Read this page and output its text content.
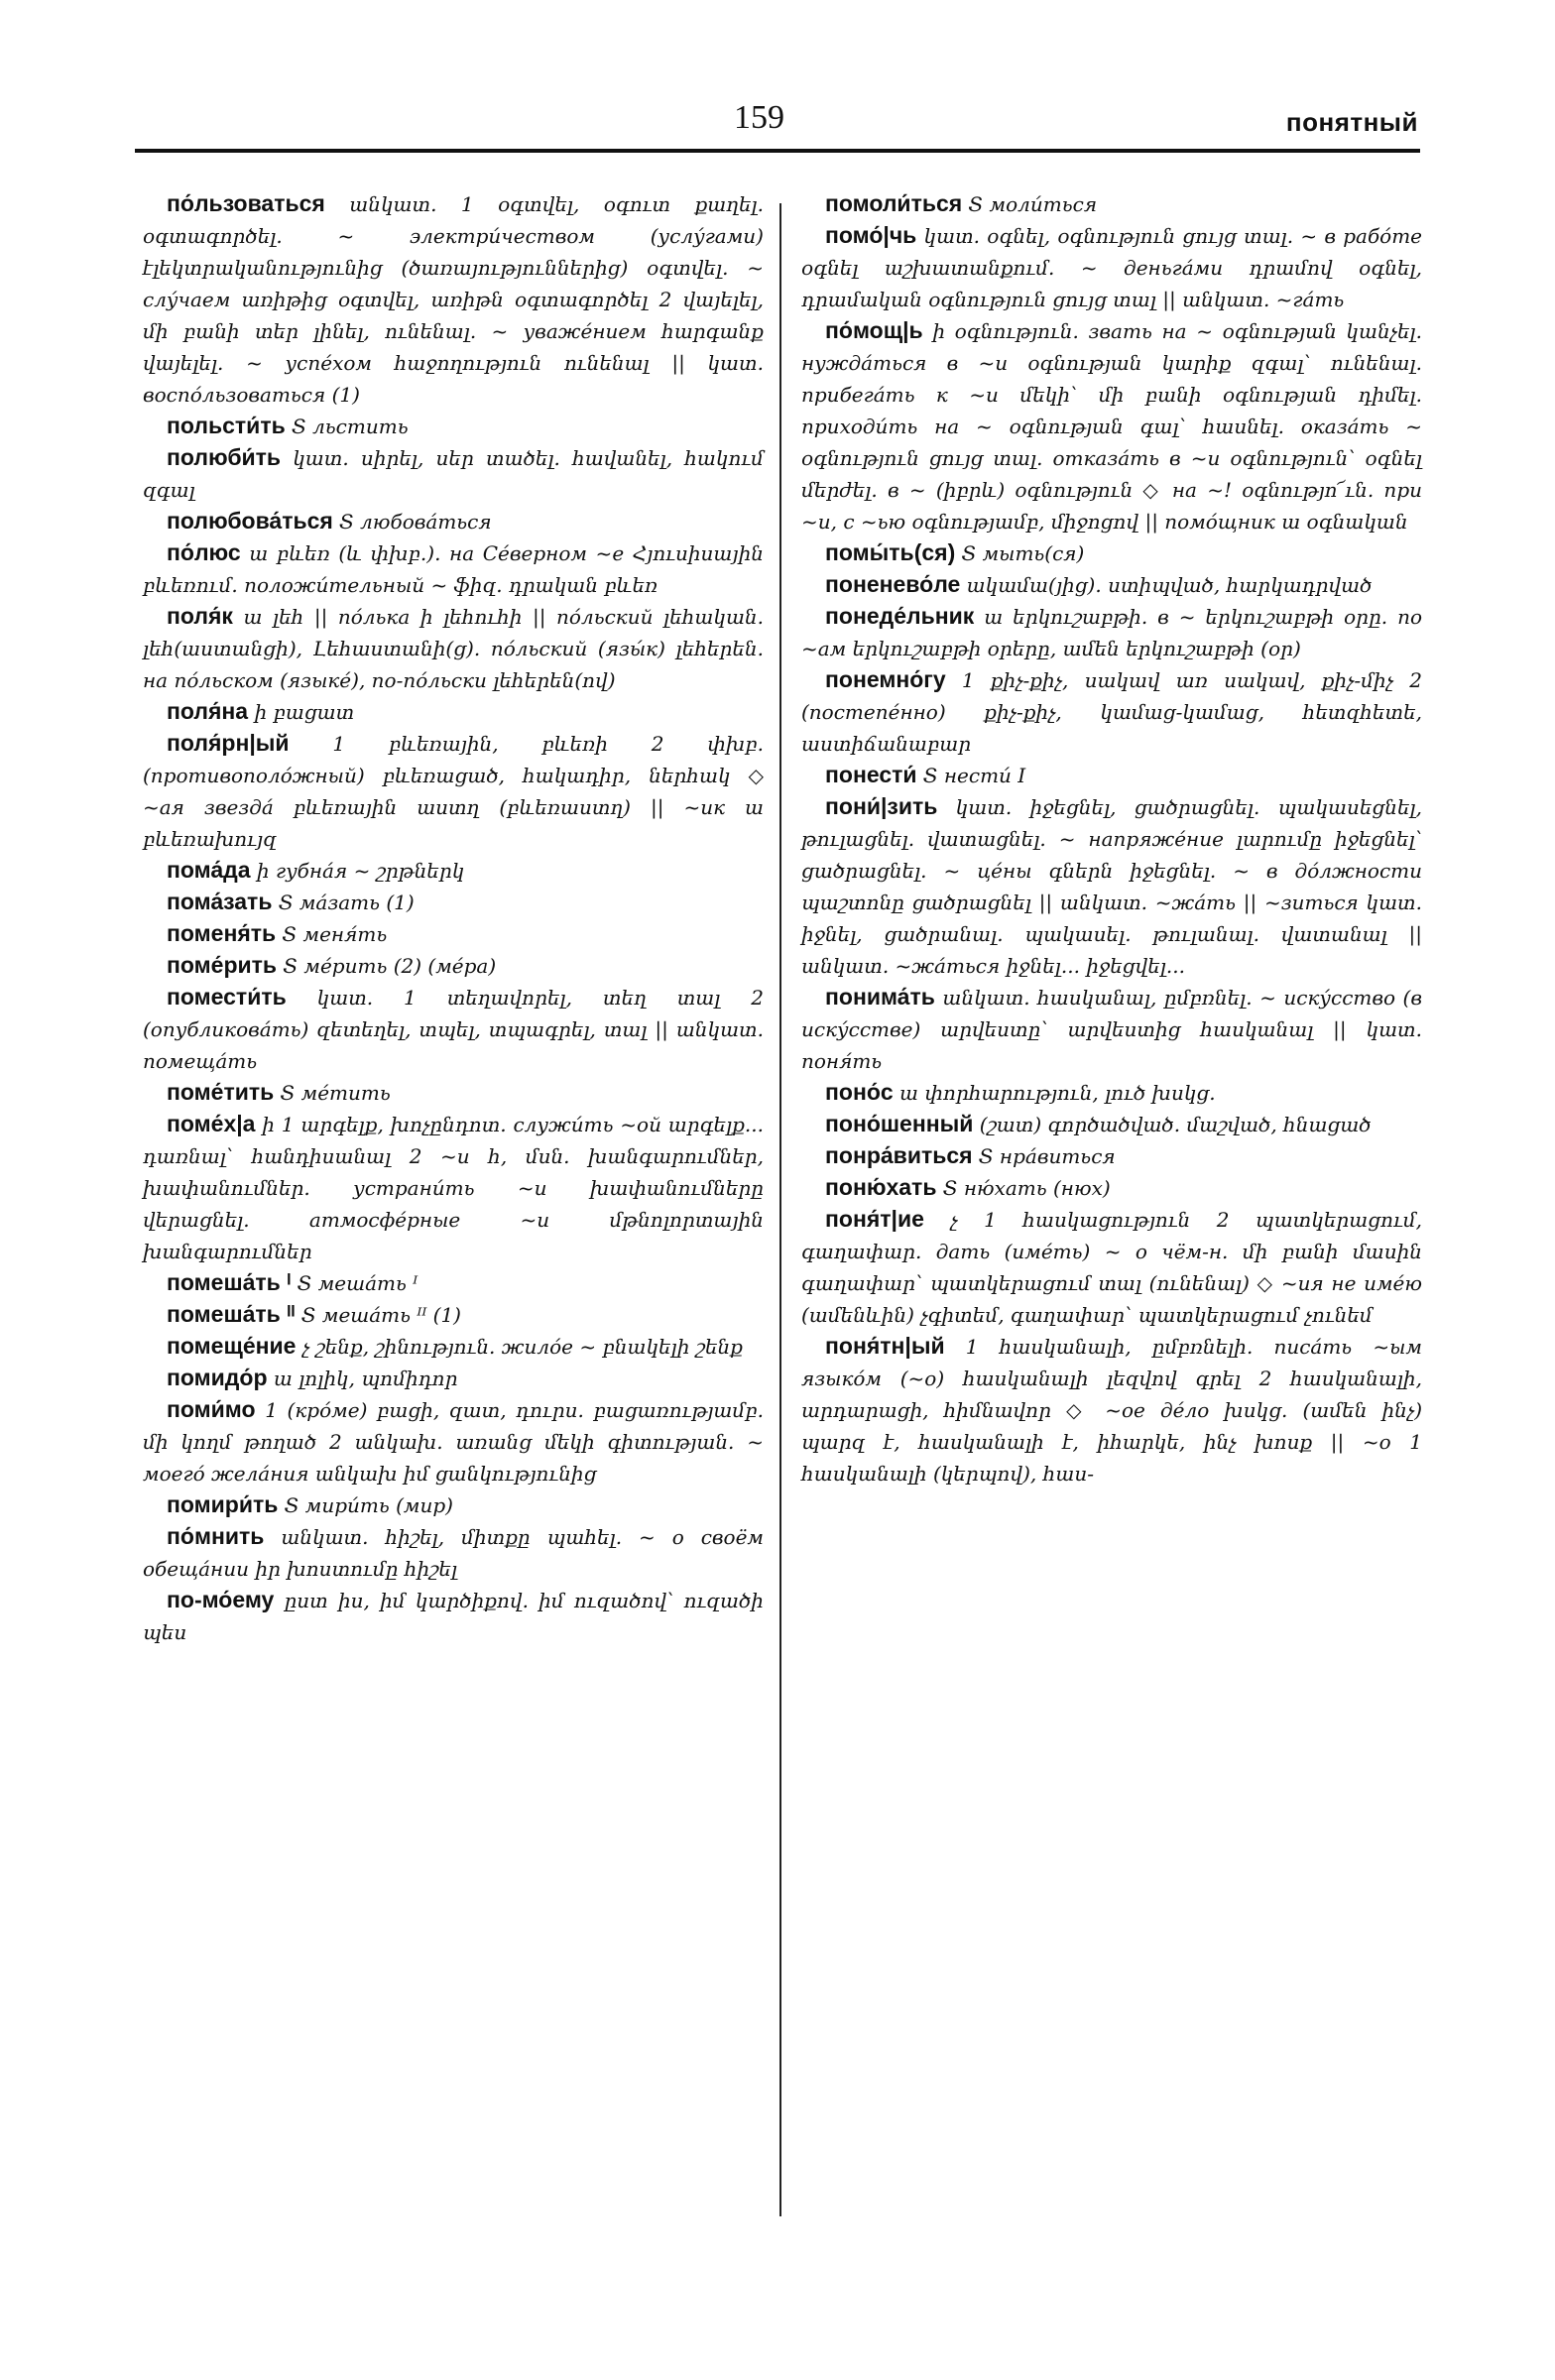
159	понятный

по́льзоваться անկատ. 1 օգտվել, օգուտ քաղել. օգտագործել. ~ электри́чеством (услу́гами) էլեկտրականությունից (ծառայություններից) օգտվել. ~ слу́чаем առիթից օգտվել, առիթն օգտագործել 2 վայելել, մի բանի տեր լինել, ունենալ. ~ уваже́нием հարգանք վայելել. ~ успе́хом հաջողություն ունենալ || կատ. воспо́льзоваться (1)

польсти́ть Տ льстить

полюби́ть կատ. սիրել, սեր տածել. հավանել, հակում զգալ

полюбова́ться Տ любова́ться

по́люс ա բևեռ (և փխբ.). на Се́верном ~е Հյուսիսային բևեռում. положи́тельный ~ ֆիզ. դրական բևեռ

поля́к ա լեհ || по́лька ի լեհուհի || по́льский լեհական. լեհ(աստանցի), Լեհաստանի(ց). по́льский (язы́к) լեհերեն. на по́льском (языке́), по-по́льски լեհերեն(ով)

поля́на ի բացատ

поля́рн|ый 1 բևեռային, բևեռի 2 փխբ. (противополо́жный) բևեռացած, հակադիր, ներհակ ◇ ~ая звезда́ բևեռային աստղ (բևեռաստղ) || ~ик ա բևեռախույզ

пома́да ի губна́я ~ շրթներկ

пома́зать Տ ма́зать (1)

поменя́ть Տ меня́ть

поме́рить Տ ме́рить (2) (ме́ра)

помести́ть կատ. 1 տեղավորել, տեղ տալ 2 (опубликова́ть) զետեղել, տպել, տպագրել, տալ || անկատ. помеща́ть

поме́тить Տ ме́тить

поме́х|а ի 1 արգելք, խոչընդոտ. служи́ть ~ой արգելք... դառնալ՝ հանդիսանալ 2 ~и հ, մսն. խանգարումներ, խափանումներ. устрани́ть ~и խափանումները վերացնել. атмосфе́рные ~и մթնոլորտային խանգարումներ

помеша́ть ᴵ Տ меша́ть ᴵ

помеша́ть ᴵᴵ Տ меша́ть ᴵᴵ (1)

помеще́ние չ շենք, շինություն. жило́е ~ բնակելի շենք

помидо́р ա լոլիկ, պոմիդոր

поми́мо 1 (кро́ме) բացի, զատ, դուրս. բացառությամբ. մի կողմ թողած 2 անկախ. առանց մեկի գիտության. ~ моего́ жела́ния անկախ իմ ցանկությունից

помири́ть Տ мири́ть (мир)

по́мнить անկատ. հիշել, միտքը պահել. ~ о своём обеща́нии իր խոստումը հիշել

по-мо́ему ըստ իս, իմ կարծիքով. իմ ուզածով՝ ուզածի պես

помоли́ться Տ моли́ться

помо́|чь կատ. օգնել, օգնություն ցույց տալ. ~ в рабо́те օգնել աշխատանքում. ~ деньга́ми դրամով օգնել, դրամական օգնություն ցույց տալ || անկատ. ~га́ть

по́мощ|ь ի օգնություն. звать на ~ օգնության կանչել. нужда́ться в ~и օգնության կարիք զգալ՝ ունենալ. прибега́ть к ~и մեկի՝ մի բանի օգնության դիմել. приходи́ть на ~ օգնության գալ՝ հասնել. оказа́ть ~ օգնություն ցույց տալ. отказа́ть в ~и օգնություն՝ օգնել մերժել. в ~ (իբրև) օգնություն ◇ на ~! օգնությո՜ւն. при ~и, с ~ью օգնությամբ, միջոցով || помо́щник ա օգնական

помы́ть(ся) Տ мыть(ся)

поненево́ле ակամա(յից). ստիպված, հարկադրված

понеде́льник ա երկուշաբթի. в ~ երկուշաբթի օրը. по ~ам երկուշաբթի օրերը, ամեն երկուշաբթի (օր)

понемно́гу 1 քիչ-քիչ, սակավ առ սակավ, քիչ-միչ 2 (постепе́нно) քիչ-քիչ, կամաց-կամաց, հետզհետե, աստիճանաբար

понести́ Տ нести́ I

пони́|зить կատ. իջեցնել, ցածրացնել. պակասեցնել, թուլացնել. վատացնել. ~ напряже́ние լարումը իջեցնել՝ ցածրացնել. ~ це́ны գներն իջեցնել. ~ в до́лжности պաշտոնը ցածրացնել || անկատ. ~жа́ть || ~зиться կատ. իջնել, ցածրանալ. պակասել. թուլանալ. վատանալ || անկատ. ~жа́ться իջնել... իջեցվել...

понима́ть անկատ. հասկանալ, ըմբռնել. ~ иску́сство (в иску́сстве) արվեստը՝ արվեստից հասկանալ || կատ. поня́ть

поно́с ա փորհարություն, լուծ խսկց.

поно́шенный (շատ) գործածված. մաշված, հնացած

понра́виться Տ нра́виться

поню́хать Տ ню́хать (нюх)

поня́т|ие չ 1 հասկացություն 2 պատկերացում, գաղափար. дать (име́ть) ~ о чём-н. մի բանի մասին գաղափար՝ պատկերացում տալ (ունենալ) ◇ ~ия не име́ю (ամենևին) չգիտեմ, գաղափար՝ պատկերացում չունեմ

поня́тн|ый 1 հասկանալի, ըմբռնելի. писа́ть ~ым языко́м (~о) հասկանալի լեզվով գրել 2 հասկանալի, արդարացի, հիմնավոր ◇ ~ое де́ло խսկց. (ամեն ինչ) պարզ է, հասկանալի է, իհարկե, ինչ խոսք || ~о 1 հասկանալի (կերպով), հաս-
